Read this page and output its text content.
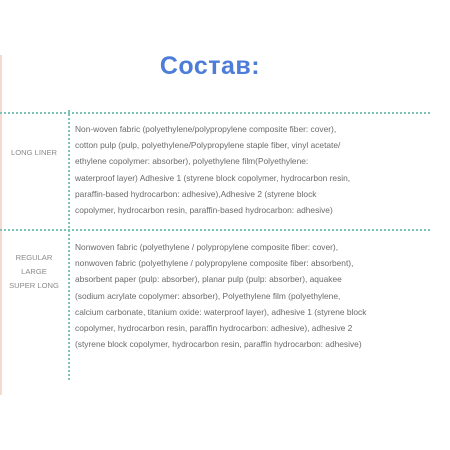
Состав:
LONG LINER
Non-woven fabric (polyethylene/polypropylene composite fiber: cover),
cotton pulp (pulp, polyethylene/Polypropylene staple fiber, vinyl acetate/
ethylene copolymer: absorber), polyethylene film(Polyethylene:
waterproof layer) Adhesive 1 (styrene block copolymer, hydrocarbon resin,
paraffin-based hydrocarbon: adhesive),Adhesive 2 (styrene block
copolymer, hydrocarbon resin, paraffin-based hydrocarbon: adhesive)
REGULAR
LARGE
SUPER LONG
Nonwoven fabric (polyethylene / polypropylene composite fiber: cover),
nonwoven fabric (polyethylene / polypropylene composite fiber: absorbent),
absorbent paper (pulp: absorber), planar pulp (pulp: absorber), aquakee
(sodium acrylate copolymer: absorber), Polyethylene film (polyethylene,
calcium carbonate, titanium oxide: waterproof layer), adhesive 1 (styrene block
copolymer, hydrocarbon resin, paraffin hydrocarbon: adhesive), adhesive 2
(styrene block copolymer, hydrocarbon resin, paraffin hydrocarbon: adhesive)
